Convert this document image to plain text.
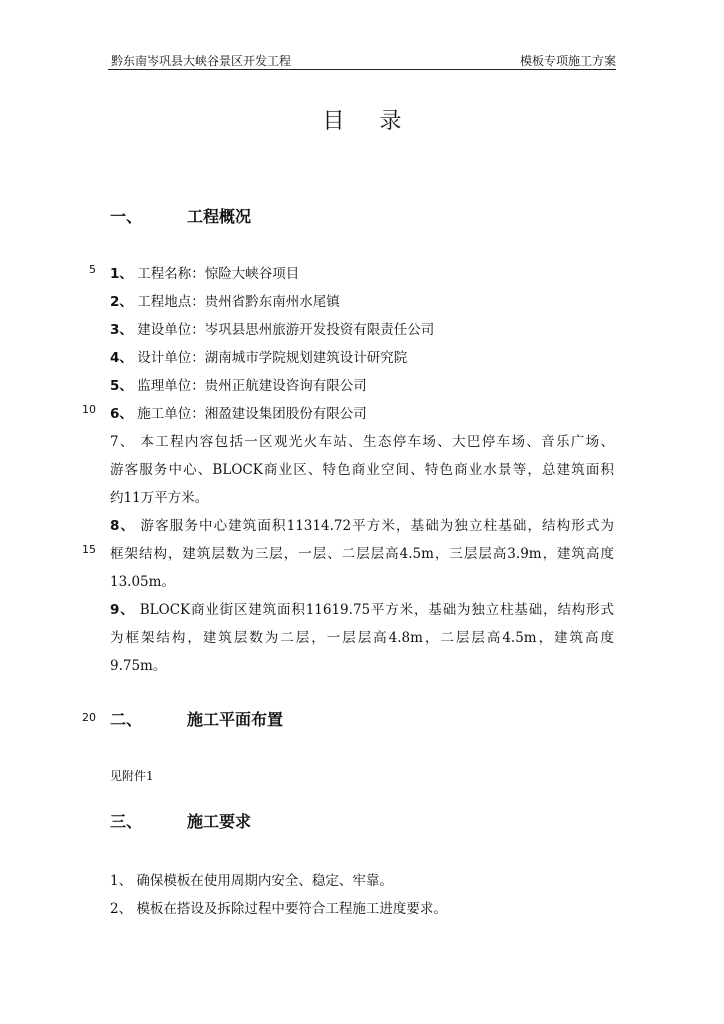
黔东南岑巩县大峡谷景区开发工程	模板专项施工方案
目 录
5
10
15
20
一、	工程概况
1、 工程名称：惊险大峡谷项目
2、 工程地点：贵州省黔东南州水尾镇
3、 建设单位：岑巩县思州旅游开发投资有限责任公司
4、 设计单位：湖南城市学院规划建筑设计研究院
5、 监理单位：贵州正航建设咨询有限公司
6、 施工单位：湘盈建设集团股份有限公司
7、 本工程内容包括一区观光火车站、生态停车场、大巴停车场、音乐广场、
游客服务中心、BLOCK商业区、特色商业空间、特色商业水景等，总建筑面积
约11万平方米。
8、 游客服务中心建筑面积11314.72平方米，基础为独立柱基础，结构形式为
框架结构，建筑层数为三层，一层、二层层高4.5m，三层层高3.9m，建筑高度
13.05m。
9、 BLOCK商业街区建筑面积11619.75平方米，基础为独立柱基础，结构形式
为框架结构，建筑层数为二层，一层层高4.8m，二层层高4.5m，建筑高度
9.75m。
二、	施工平面布置
见附件1
三、	施工要求
1、 确保模板在使用周期内安全、稳定、牢靠。
2、 模板在搭设及拆除过程中要符合工程施工进度要求。
